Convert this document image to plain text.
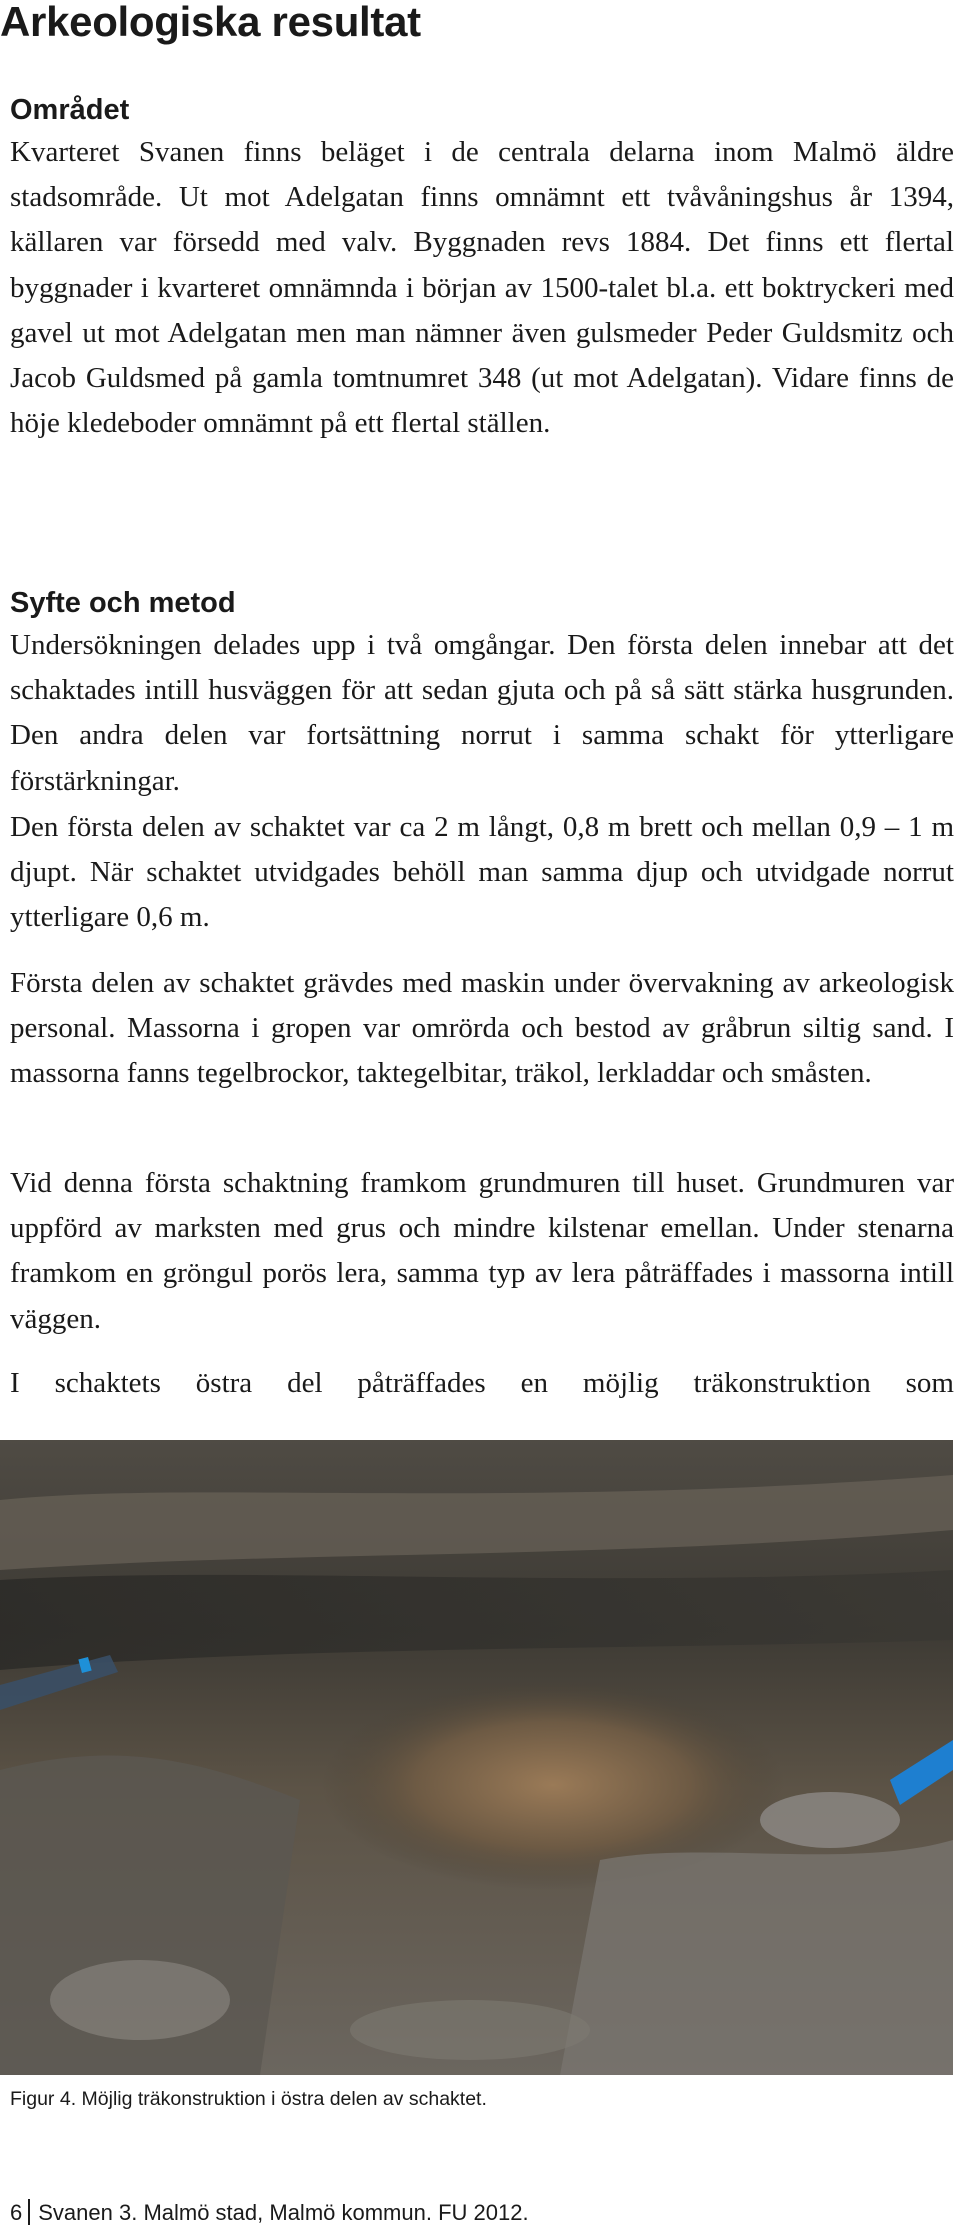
Arkeologiska resultat
Området

Kvarteret Svanen finns beläget i de centrala delarna inom Malmö äldre stadsområde. Ut mot Adelgatan finns omnämnt ett tvåvåningshus år 1394, källaren var försedd med valv. Byggnaden revs 1884. Det finns ett flertal byggnader i kvarteret omnämnda i början av 1500-talet bl.a. ett boktryckeri med gavel ut mot Adelgatan men man nämner även gulsmeder Peder Guldsmitz och Jacob Guldsmed på gamla tomtnumret 348 (ut mot Adelgatan). Vidare finns de höje kledeboder omnämnt på ett flertal ställen.

Syfte och metod

Undersökningen delades upp i två omgångar. Den första delen innebar att det schaktades intill husväggen för att sedan gjuta och på så sätt stärka husgrunden. Den andra delen var fortsättning norrut i samma schakt för ytterligare förstärkningar.

Den första delen av schaktet var ca 2 m långt, 0,8 m brett och mellan 0,9 – 1 m djupt. När schaktet utvidgades behöll man samma djup och utvidgade norrut ytterligare 0,6 m.

Första delen av schaktet grävdes med maskin under övervakning av arkeologisk personal. Massorna i gropen var omrörda och bestod av gråbrun siltig sand. I massorna fanns tegelbrockor, taktegelbitar, träkol, lerkladdar och småsten.

Vid denna första schaktning framkom grundmuren till huset. Grundmuren var uppförd av marksten med grus och mindre kilstenar emellan. Under stenarna framkom en gröngul porös lera, samma typ av lera påträffades i massorna intill väggen.

I schaktets östra del påträffades en möjlig träkonstruktion som

Figur 4. Möjlig träkonstruktion i östra delen av schaktet.

6 Svanen 3. Malmö stad, Malmö kommun. FU 2012.
